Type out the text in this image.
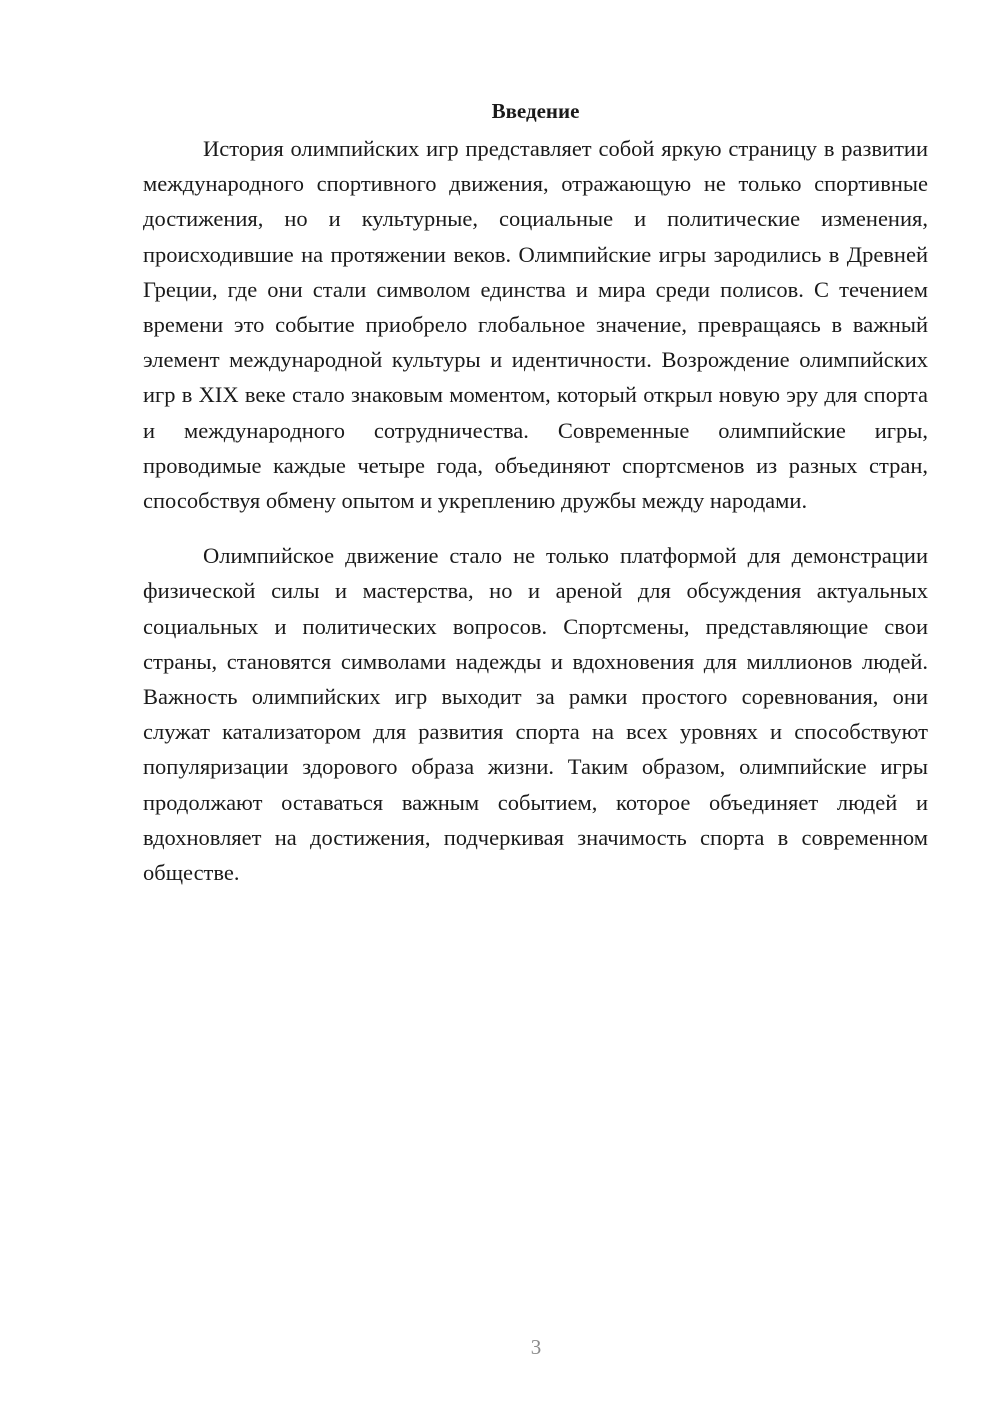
Введение

История олимпийских игр представляет собой яркую страницу в развитии международного спортивного движения, отражающую не только спортивные достижения, но и культурные, социальные и политические изменения, происходившие на протяжении веков. Олимпийские игры зародились в Древней Греции, где они стали символом единства и мира среди полисов. С течением времени это событие приобрело глобальное значение, превращаясь в важный элемент международной культуры и идентичности. Возрождение олимпийских игр в XIX веке стало знаковым моментом, который открыл новую эру для спорта и международного сотрудничества. Современные олимпийские игры, проводимые каждые четыре года, объединяют спортсменов из разных стран, способствуя обмену опытом и укреплению дружбы между народами.

Олимпийское движение стало не только платформой для демонстрации физической силы и мастерства, но и ареной для обсуждения актуальных социальных и политических вопросов. Спортсмены, представляющие свои страны, становятся символами надежды и вдохновения для миллионов людей. Важность олимпийских игр выходит за рамки простого соревнования, они служат катализатором для развития спорта на всех уровнях и способствуют популяризации здорового образа жизни. Таким образом, олимпийские игры продолжают оставаться важным событием, которое объединяет людей и вдохновляет на достижения, подчеркивая значимость спорта в современном обществе.

3
